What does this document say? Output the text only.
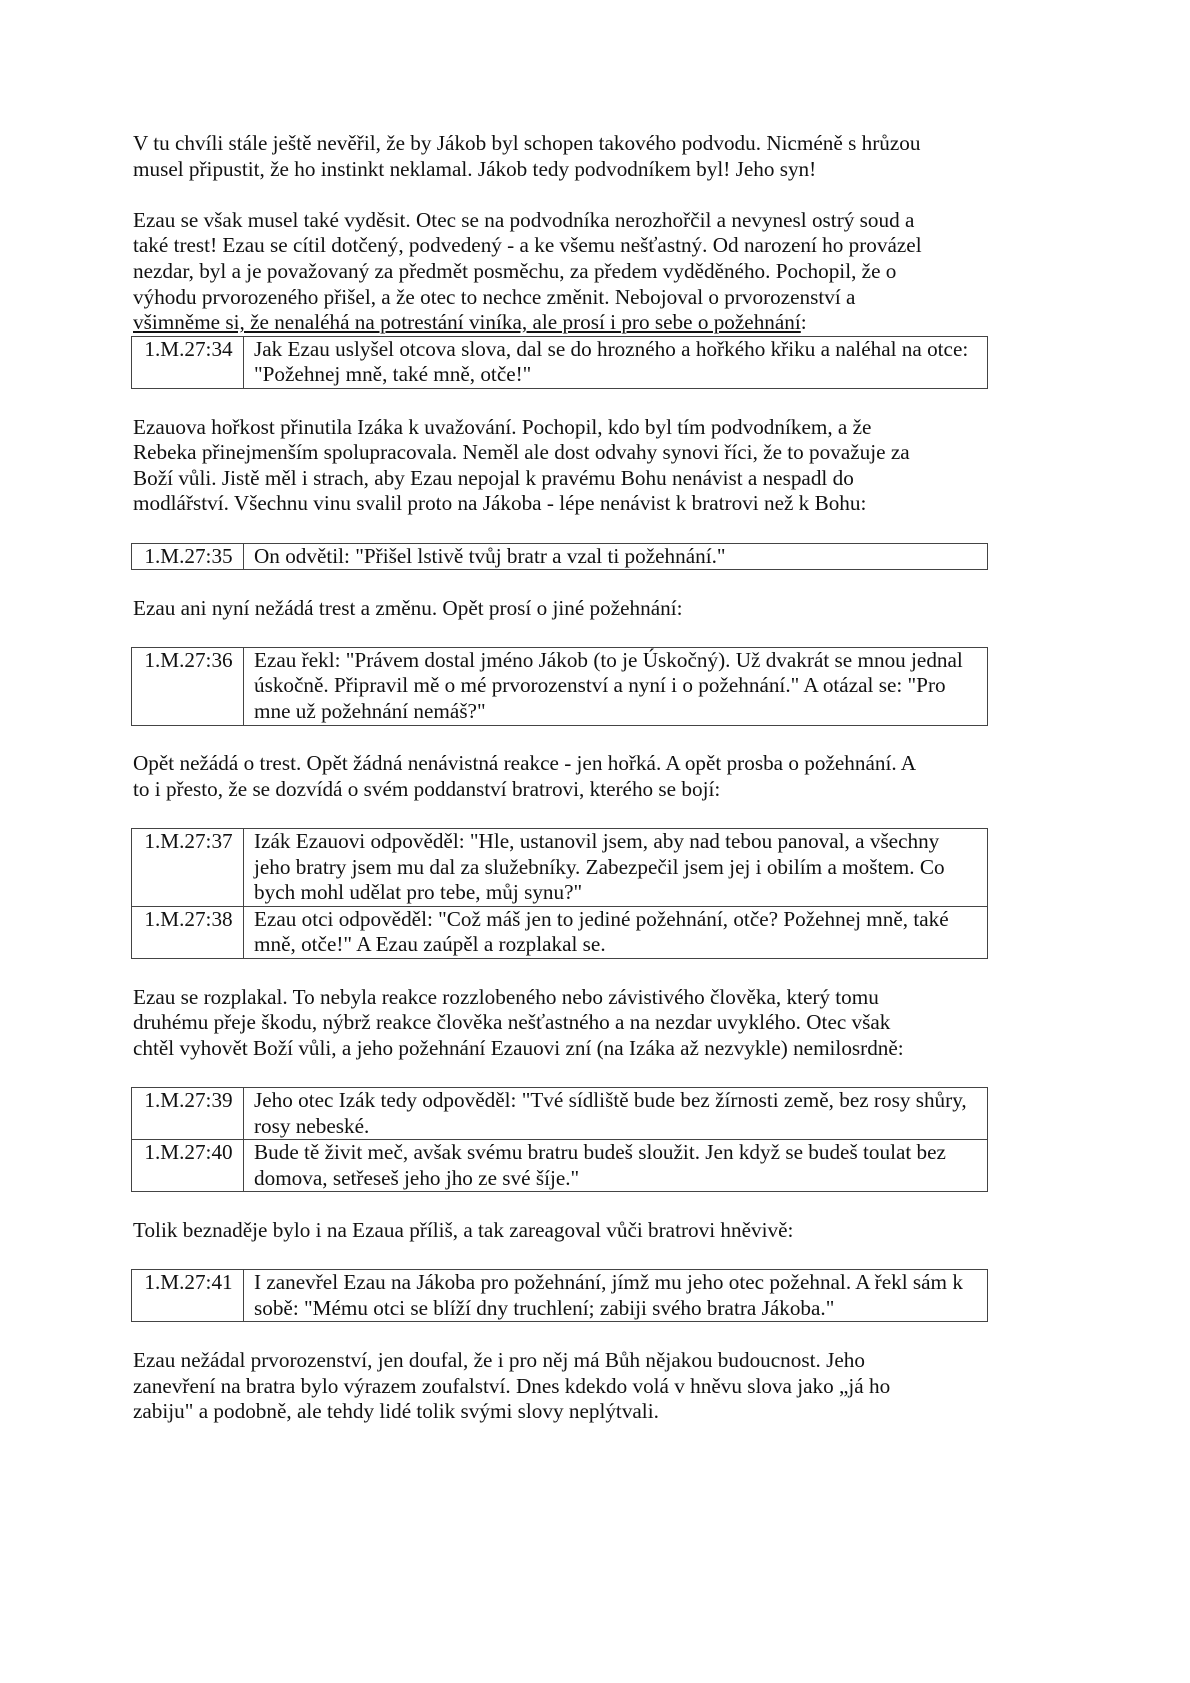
V tu chvíli stále ještě nevěřil, že by Jákob byl schopen takového podvodu. Nicméně s hrůzou
musel připustit, že ho instinkt neklamal. Jákob tedy podvodníkem byl! Jeho syn!

Ezau se však musel také vyděsit. Otec se na podvodníka nerozhořčil a nevynesl ostrý soud a
také trest! Ezau se cítil dotčený, podvedený - a ke všemu nešťastný. Od narození ho provázel
nezdar, byl a je považovaný za předmět posměchu, za předem vyděděného. Pochopil, že o
výhodu prvorozeného přišel, a že otec to nechce změnit. Nebojoval o prvorozenství a
všimněme si, že nenaléhá na potrestání viníka, ale prosí i pro sebe o požehnání:

1.M.27:34	Jak Ezau uslyšel otcova slova, dal se do hrozného a hořkého křiku a naléhal na otce: "Požehnej mně, také mně, otče!"

Ezauova hořkost přinutila Izáka k uvažování. Pochopil, kdo byl tím podvodníkem, a že
Rebeka přinejmenším spolupracovala. Neměl ale dost odvahy synovi říci, že to považuje za
Boží vůli. Jistě měl i strach, aby Ezau nepojal k pravému Bohu nenávist a nespadl do
modlářství. Všechnu vinu svalil proto na Jákoba - lépe nenávist k bratrovi než k Bohu:

1.M.27:35	On odvětil: "Přišel lstivě tvůj bratr a vzal ti požehnání."

Ezau ani nyní nežádá trest a změnu. Opět prosí o jiné požehnání:

1.M.27:36	Ezau řekl: "Právem dostal jméno Jákob (to je Úskočný). Už dvakrát se mnou jednal úskočně. Připravil mě o mé prvorozenství a nyní i o požehnání." A otázal se: "Pro mne už požehnání nemáš?"

Opět nežádá o trest. Opět žádná nenávistná reakce - jen hořká. A opět prosba o požehnání. A
to i přesto, že se dozvídá o svém poddanství bratrovi, kterého se bojí:

1.M.27:37	Izák Ezauovi odpověděl: "Hle, ustanovil jsem, aby nad tebou panoval, a všechny jeho bratry jsem mu dal za služebníky. Zabezpečil jsem jej i obilím a moštem. Co bych mohl udělat pro tebe, můj synu?"
1.M.27:38	Ezau otci odpověděl: "Což máš jen to jediné požehnání, otče? Požehnej mně, také mně, otče!" A Ezau zaúpěl a rozplakal se.

Ezau se rozplakal. To nebyla reakce rozzlobeného nebo závistivého člověka, který tomu
druhému přeje škodu, nýbrž reakce člověka nešťastného a na nezdar uvyklého. Otec však
chtěl vyhovět Boží vůli, a jeho požehnání Ezauovi zní (na Izáka až nezvykle) nemilosrdně:

1.M.27:39	Jeho otec Izák tedy odpověděl: "Tvé sídliště bude bez žírnosti země, bez rosy shůry, rosy nebeské.
1.M.27:40	Bude tě živit meč, avšak svému bratru budeš sloužit. Jen když se budeš toulat bez domova, setřeseš jeho jho ze své šíje."

Tolik beznaděje bylo i na Ezaua příliš, a tak zareagoval vůči bratrovi hněvivě:

1.M.27:41	I zanevřel Ezau na Jákoba pro požehnání, jímž mu jeho otec požehnal. A řekl sám k sobě: "Mému otci se blíží dny truchlení; zabiji svého bratra Jákoba."

Ezau nežádal prvorozenství, jen doufal, že i pro něj má Bůh nějakou budoucnost. Jeho
zanevření na bratra bylo výrazem zoufalství. Dnes kdekdo volá v hněvu slova jako „já ho
zabiju" a podobně, ale tehdy lidé tolik svými slovy neplýtvali.
